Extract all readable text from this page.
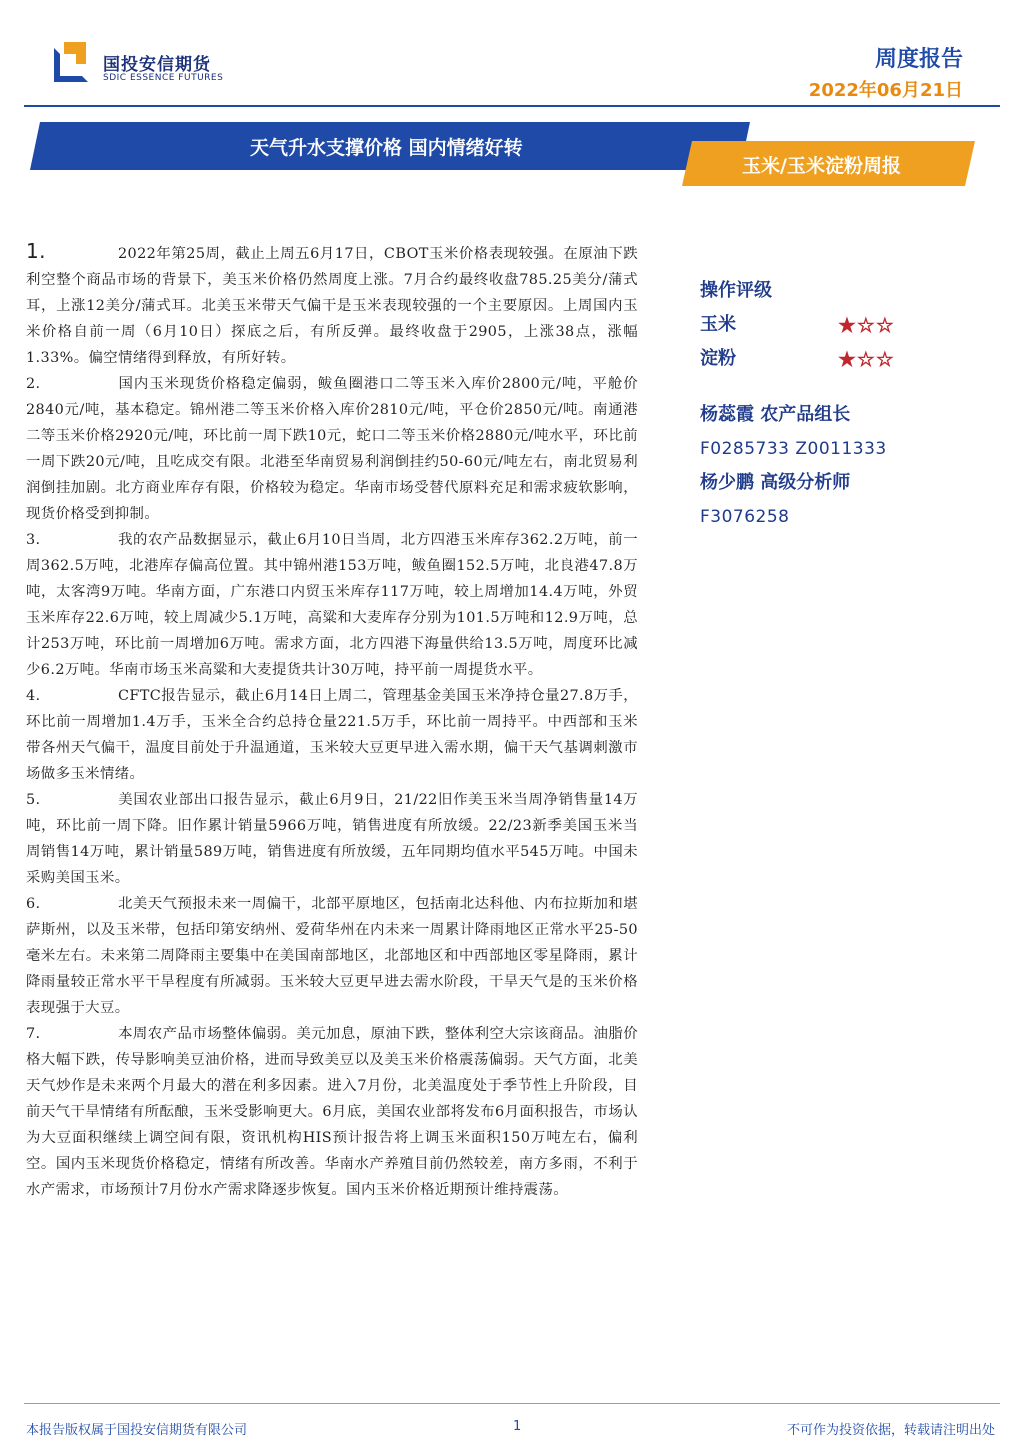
国投安信期货
SDIC ESSENCE FUTURES
周度报告
2022年06月21日
天气升水支撑价格 国内情绪好转
玉米/玉米淀粉周报

1.	2022年第25周，截止上周五6月17日，CBOT玉米价格表现较强。在原油下跌利空整个商品市场的背景下，美玉米价格仍然周度上涨。7月合约最终收盘785.25美分/蒲式耳，上涨12美分/蒲式耳。北美玉米带天气偏干是玉米表现较强的一个主要原因。上周国内玉米价格自前一周（6月10日）探底之后，有所反弹。最终收盘于2905，上涨38点，涨幅1.33%。偏空情绪得到释放，有所好转。

2.	国内玉米现货价格稳定偏弱，鲅鱼圈港口二等玉米入库价2800元/吨，平舱价2840元/吨，基本稳定。锦州港二等玉米价格入库价2810元/吨，平仓价2850元/吨。南通港二等玉米价格2920元/吨，环比前一周下跌10元，蛇口二等玉米价格2880元/吨水平，环比前一周下跌20元/吨，且吃成交有限。北港至华南贸易利润倒挂约50-60元/吨左右，南北贸易利润倒挂加剧。北方商业库存有限，价格较为稳定。华南市场受替代原料充足和需求疲软影响，现货价格受到抑制。

3.	我的农产品数据显示，截止6月10日当周，北方四港玉米库存362.2万吨，前一周362.5万吨，北港库存偏高位置。其中锦州港153万吨，鲅鱼圈152.5万吨，北良港47.8万吨，太客湾9万吨。华南方面，广东港口内贸玉米库存117万吨，较上周增加14.4万吨，外贸玉米库存22.6万吨，较上周减少5.1万吨，高粱和大麦库存分别为101.5万吨和12.9万吨，总计253万吨，环比前一周增加6万吨。需求方面，北方四港下海量供给13.5万吨，周度环比减少6.2万吨。华南市场玉米高粱和大麦提货共计30万吨，持平前一周提货水平。

4.	CFTC报告显示，截止6月14日上周二，管理基金美国玉米净持仓量27.8万手，环比前一周增加1.4万手，玉米全合约总持仓量221.5万手，环比前一周持平。中西部和玉米带各州天气偏干，温度目前处于升温通道，玉米较大豆更早进入需水期，偏干天气基调刺激市场做多玉米情绪。

5.	美国农业部出口报告显示，截止6月9日，21/22旧作美玉米当周净销售量14万吨，环比前一周下降。旧作累计销量5966万吨，销售进度有所放缓。22/23新季美国玉米当周销售14万吨，累计销量589万吨，销售进度有所放缓，五年同期均值水平545万吨。中国未采购美国玉米。

6.	北美天气预报未来一周偏干，北部平原地区，包括南北达科他、内布拉斯加和堪萨斯州，以及玉米带，包括印第安纳州、爱荷华州在内未来一周累计降雨地区正常水平25-50毫米左右。未来第二周降雨主要集中在美国南部地区，北部地区和中西部地区零星降雨，累计降雨量较正常水平干旱程度有所减弱。玉米较大豆更早进去需水阶段，干旱天气是的玉米价格表现强于大豆。

7.	本周农产品市场整体偏弱。美元加息，原油下跌，整体利空大宗该商品。油脂价格大幅下跌，传导影响美豆油价格，进而导致美豆以及美玉米价格震荡偏弱。天气方面，北美天气炒作是未来两个月最大的潜在利多因素。进入7月份，北美温度处于季节性上升阶段，目前天气干旱情绪有所酝酿，玉米受影响更大。6月底，美国农业部将发布6月面积报告，市场认为大豆面积继续上调空间有限，资讯机构HIS预计报告将上调玉米面积150万吨左右，偏利空。国内玉米现货价格稳定，情绪有所改善。华南水产养殖目前仍然较差，南方多雨，不利于水产需求，市场预计7月份水产需求降逐步恢复。国内玉米价格近期预计维持震荡。

操作评级
玉米	★☆☆
淀粉	★☆☆
杨蕊霞 农产品组长
F0285733 Z0011333
杨少鹏 高级分析师
F3076258
本报告版权属于国投安信期货有限公司	1	不可作为投资依据，转载请注明出处
